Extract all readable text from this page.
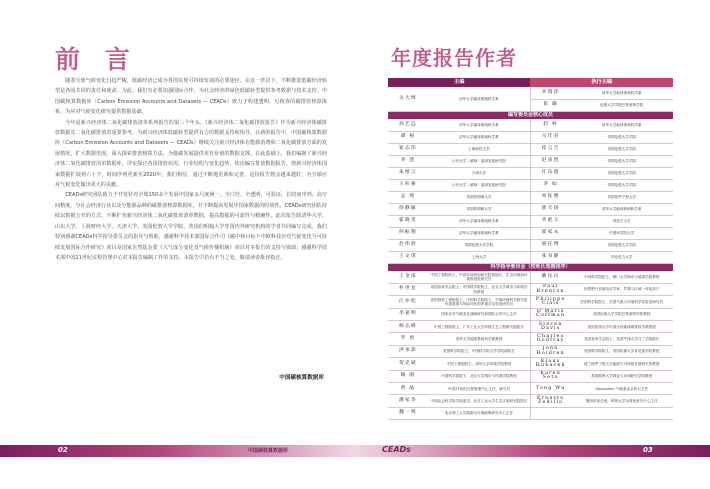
前 言

随着全球气候变化日趋严峻，低碳经济已成为各国实现可持续发展的必要途径。在这一背景下，不断推进低碳经济转型是各国共同的责任和使命。为此，我们有必要加强国际合作，为社会经济的绿色低碳转型提供参考数据与技术支持。中国碳核算数据库（Carbon Emission Accounts and Datasets — CEADs）致力于构建透明、可核查的碳排放核算体系，为应对气候变化研究提供数据基础。

今年是新兴经济体二氧化碳排放清单系列报告的第三个年头。《新兴经济体二氧化碳排放报告》作为新兴经济体碳排放数据及二氧化碳排放的重要参考，为新兴经济体低碳转型提供有力的数据支持和指导。在新的报告中，中国碳核算数据库（Carbon Emission Accounts and Datasets — CEADs）继续关注新兴经济体在能源消费和二氧化碳排放方面的发展情况，扩大数据范围，深入探索排放核算方法，为低碳发展提供更有价值的数据支撑。在此基础上，我们编制了新兴经济体二氧化碳排放清单数据库，详实探讨各国排放状况、行业结构与变化趋势，依次编写排放数据报告，将新兴经济体国家数据扩展到六十个，时间序列更新至2020年。我们相信，通过不断地更新和完善，这份报告将会越来越好，为全球应对气候变化做出更大的贡献。

CEADs研究团队致力于开发针对全球150多个发展中国家多尺度统一、全口径、全透明、可验证、长时间序列、高空间精度、分社会经济行业以及分能源品种的碳排放核算数据库，并不断提高发展中国家数据的时效性。CEADs研究团队持续以数据公开的方式，不断扩充新兴经济体二氧化碳排放清单数据，提高数据的可靠性与精确性。此次报告除清华大学、山东大学、上海财经大学、天津大学、英国伦敦大学学院、英国伯明翰大学等国内外研究机构的学者共同编写完成。我们特别感谢CEADs科学指导委员会的指导与帮助，感谢科学技术部国际合作司《碳中和目标下中欧科技应对气候变化与可持续发展国际合作研究》项目及国家自然基金委《大气成分变化及气候传播机制》项目对本报告的支持与资助；感谢科学技术部中国21世纪议程管理中心对本报告编制工作的支持。本报告中若有不当之处，敬请读者批评指正。

中国碳核算数据库
年度报告作者
主编		执行主编	
关大博	清华大学地球系统科学系	李瑞萍	清华大学地球系统科学系
		崔 璐	伦敦大学学院巴特莱特学院
编写委员会核心成员			
孙艺远	清华大学地球系统科学系	赵 岭	清华大学地球系统科学系
谭 裕	清华大学地球系统科学系	马仕君	英国伦敦大学学院
崔志伟	上海财经大学	崔云吉	英国伦敦大学学院
李 建	山东大学（威海）蓝绿发展研究院	赵寅凯	英国伦敦大学学院
朱增云	天津大学	许乐越	英国伦敦大学学院
王梓豪	山东大学（威海）蓝绿发展研究院	李 如	英国伦敦大学学院
孟 琦	英国伯明翰大学	单钰理	英国格罗宁根大学
徐静敏	英国伯明翰大学	蕾天扬	清华大学地球系统科学系
霍晓雯	清华大学地球系统科学系	李彪玉	内蒙古大学
何振翔	清华大学地球系统科学系	霍家永	中国科学院大学
赵伟欣	英国伦敦大学学院	梁任博	英国伦敦大学学院
王文琪	上海大学	张书静	华北电力大学
科学指导委员会（按姓氏笔画排序）			
王金南	中国工程院院士，中国环境规划研究院原院长，生态环境部环境规划院研究员	戴民汉	中国科学院院士，厦门大学海洋与地球学院教授
朴世龙	英国皇家学会院士，中国科学院院士，北京大学城市与环境学院教授	Paul Brenton	世界银行首席经济学家，贸易与区域一体化部门
江亦松	美国国家工程院院士，中国科学院院士，中国环境科学研究院环境基准与风险评估国家重点实验室研究员	Philippe Ciais	法国科学院院士，法国气候与环境科学实验室研究员
李嘉明	国家应对气候变化战略研究和国际合作中心主任	D'Maris Coffman	英国伦敦大学学院巴特莱特学院教授
杨志峰	中国工程院院士，广东工业大学环境生态工程研究院院长	Steven Davis	美国加州大学尔湾分校地球系统科学系教授
罗 勇	清华大学地球系统科学系教授	Charles Godfray	英国皇家学会院士，英国牛津大学马丁学院院长
洪承恭	美国科学院院士，中国科学院大学学院副院长	John Holdren	美国科学院院士，美国哈佛大学肯尼迪学院教授
贺克斌	中国工程院院士，清华大学环境学院教授	Klaus Hubacek	荷兰格罗宁根大学能源与可持续发展研究所教授
陶 澍	中国科学院院士，北京大学城市与环境学院教授	Karen Seto	美国耶鲁大学林业与环境研究学院教授
黄 晶	中国21世纪议程管理中心主任、研究员	Tong Wu	Qualcomm 气候基金会执行主任
潘家华	中国社会科学院学部委员，北京工业大学生态文明研究院院长	Ernesto Zedillo	墨西哥前总统，耶鲁大学全球化研究中心主任
魏一鸣	北京理工大学能源与环境政策研究中心主任		
02	中国碳核算数据库	CEADs	03
